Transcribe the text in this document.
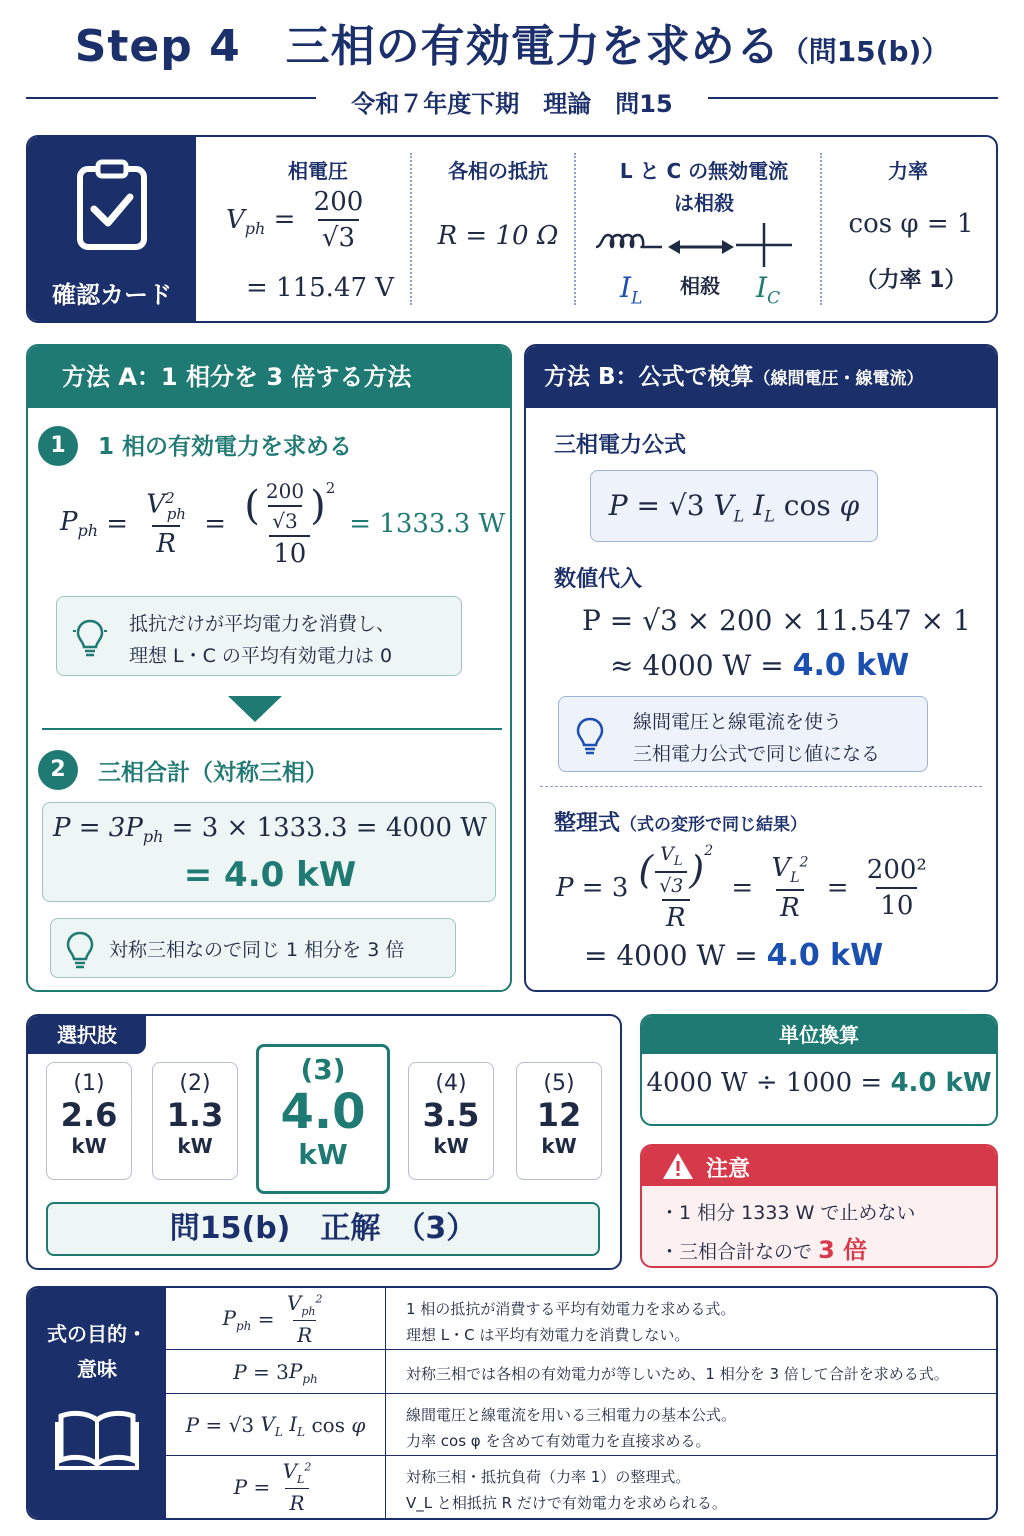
Step 4　三相の有効電力を求める（問15(b)）
令和７年度下期　理論　問15
確認カード
相電圧
$V_{ph} = \frac{200}{√3}$
= 115.47 V
各相の抵抗
R = 10 Ω
L と C の無効電流
は相殺
$I_L$
相殺 $I_C$
力率
cos φ = 1
（力率 1）
方法 A：1 相分を 3 倍する方法
1	1 相の有効電力を求める
$P_{ph} = \frac{V^2_{ph}}{R} = \frac{( \frac{200}{√3} )^2}{10} = 1333.3$ W
抵抗だけが平均電力を消費し、
理想 L・C の平均有効電力は 0
2	三相合計（対称三相）
$P = 3P_{ph} = 3 \times 1333.3 = 4000$ W
= 4.0 kW
対称三相なので同じ 1 相分を 3 倍
方法 B：公式で検算（線間電圧・線電流）
三相電力公式
P = √3 $V_L$ $I_L$ cos φ
数値代入
P = √3 × 200 × 11.547 × 1
≈ 4000 W = 4.0 kW
線間電圧と線電流を使う
三相電力公式で同じ値になる
整理式（式の変形で同じ結果）
$P = 3 \frac{( \frac{V_L}{√3} )^2}{R} = \frac{V_L^2}{R} = \frac{\text{200²}}{10}$
= 4000 W = 4.0 kW
選択肢
(1)
2.6
kW
(2)
1.3
kW
(3)
4.0
kW
(4)
3.5
kW
(5)
12
kW
問15(b)　正解　（3）
単位換算
4000 W ÷ 1000 = 4.0 kW
注意
・1 相分 1333 W で止めない
・三相合計なので 3 倍
式の目的・
意味
$P_{ph} = \frac{V_{ph}^2}{R}$	1 相の抵抗が消費する平均有効電力を求める式。
理想 L・C は平均有効電力を消費しない。
P = 3 $P_{ph}$	対称三相では各相の有効電力が等しいため、1 相分を 3 倍して合計を求める式。
P = √3 $V_L$ $I_L$ cos φ	線間電圧と線電流を用いる三相電力の基本公式。
力率 cos φ を含めて有効電力を直接求める。
$P = \frac{V_L^2}{R}$	対称三相・抵抗負荷（力率 1）の整理式。
V_L と相抵抗 R だけで有効電力を求められる。
